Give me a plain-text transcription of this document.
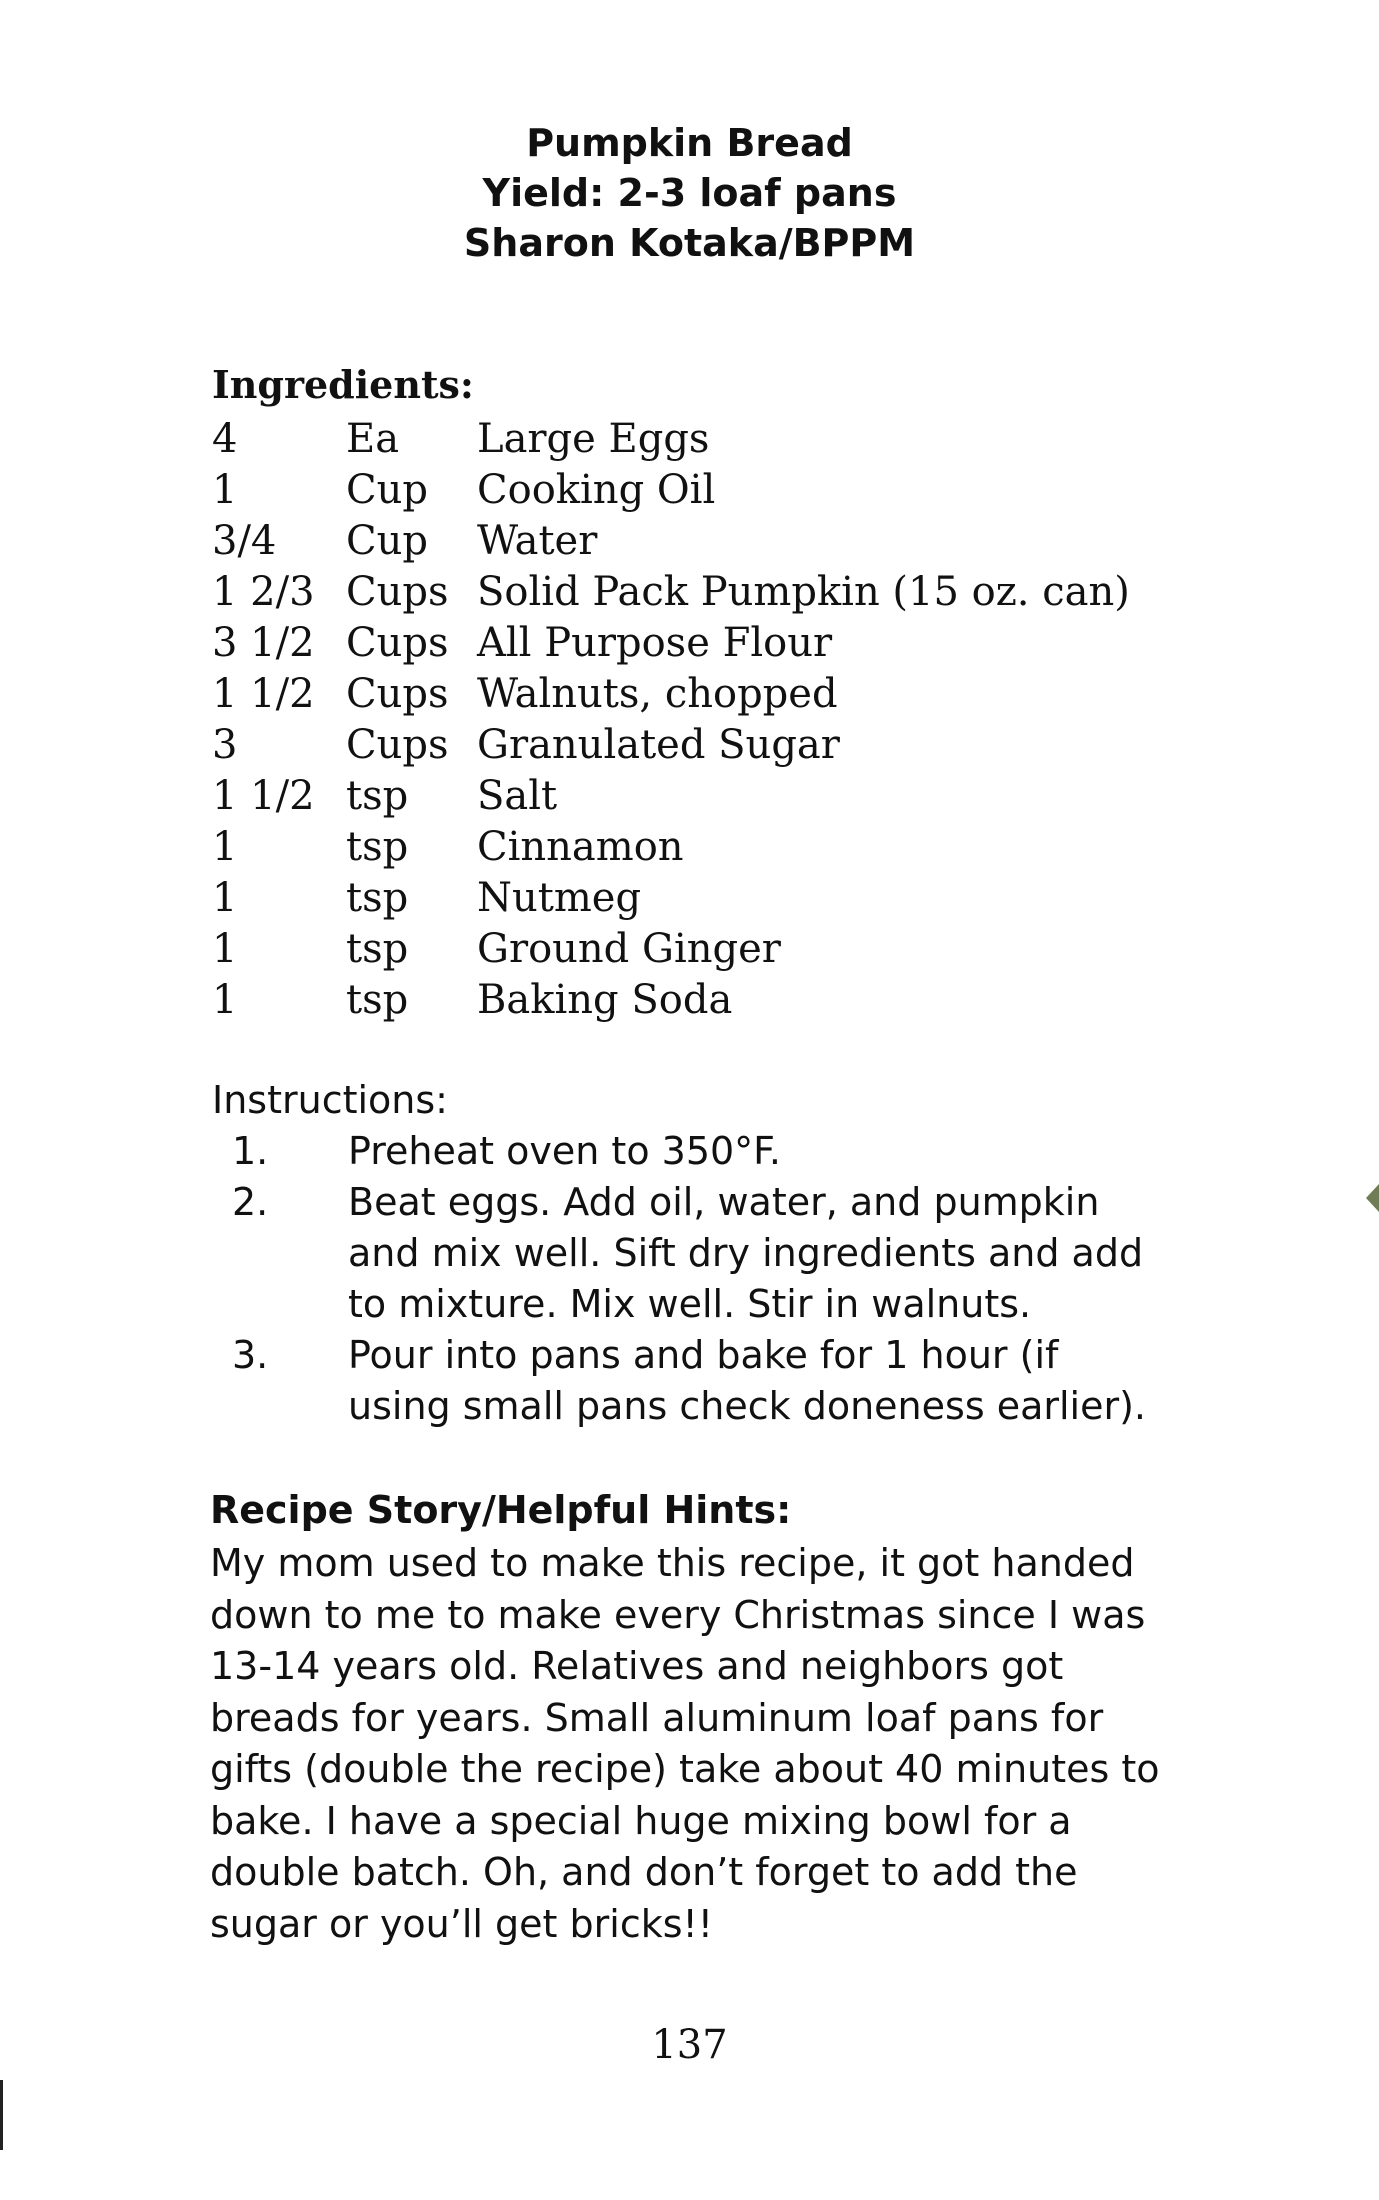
Pumpkin Bread
Yield: 2-3 loaf pans
Sharon Kotaka/BPPM
Ingredients:
4	Ea	Large Eggs
1	Cup	Cooking Oil
3/4	Cup	Water
1 2/3 Cups Solid Pack Pumpkin (15 oz. can)
3 1/2 Cups All Purpose Flour
1 1/2 Cups Walnuts, chopped
3	Cups Granulated Sugar
1 1/2 tsp	Salt
1	tsp	Cinnamon
1	tsp	Nutmeg
1	tsp	Ground Ginger
1	tsp	Baking Soda
Instructions:
1.	Preheat oven to 350°F.
2.	Beat eggs. Add oil, water, and pumpkin and mix well. Sift dry ingredients and add to mixture. Mix well. Stir in walnuts.
3.	Pour into pans and bake for 1 hour (if using small pans check doneness earlier).
Recipe Story/Helpful Hints:
My mom used to make this recipe, it got handed
down to me to make every Christmas since I was
13-14 years old. Relatives and neighbors got
breads for years. Small aluminum loaf pans for
gifts (double the recipe) take about 40 minutes to
bake. I have a special huge mixing bowl for a
double batch. Oh, and don’t forget to add the
sugar or you’ll get bricks!!
137
